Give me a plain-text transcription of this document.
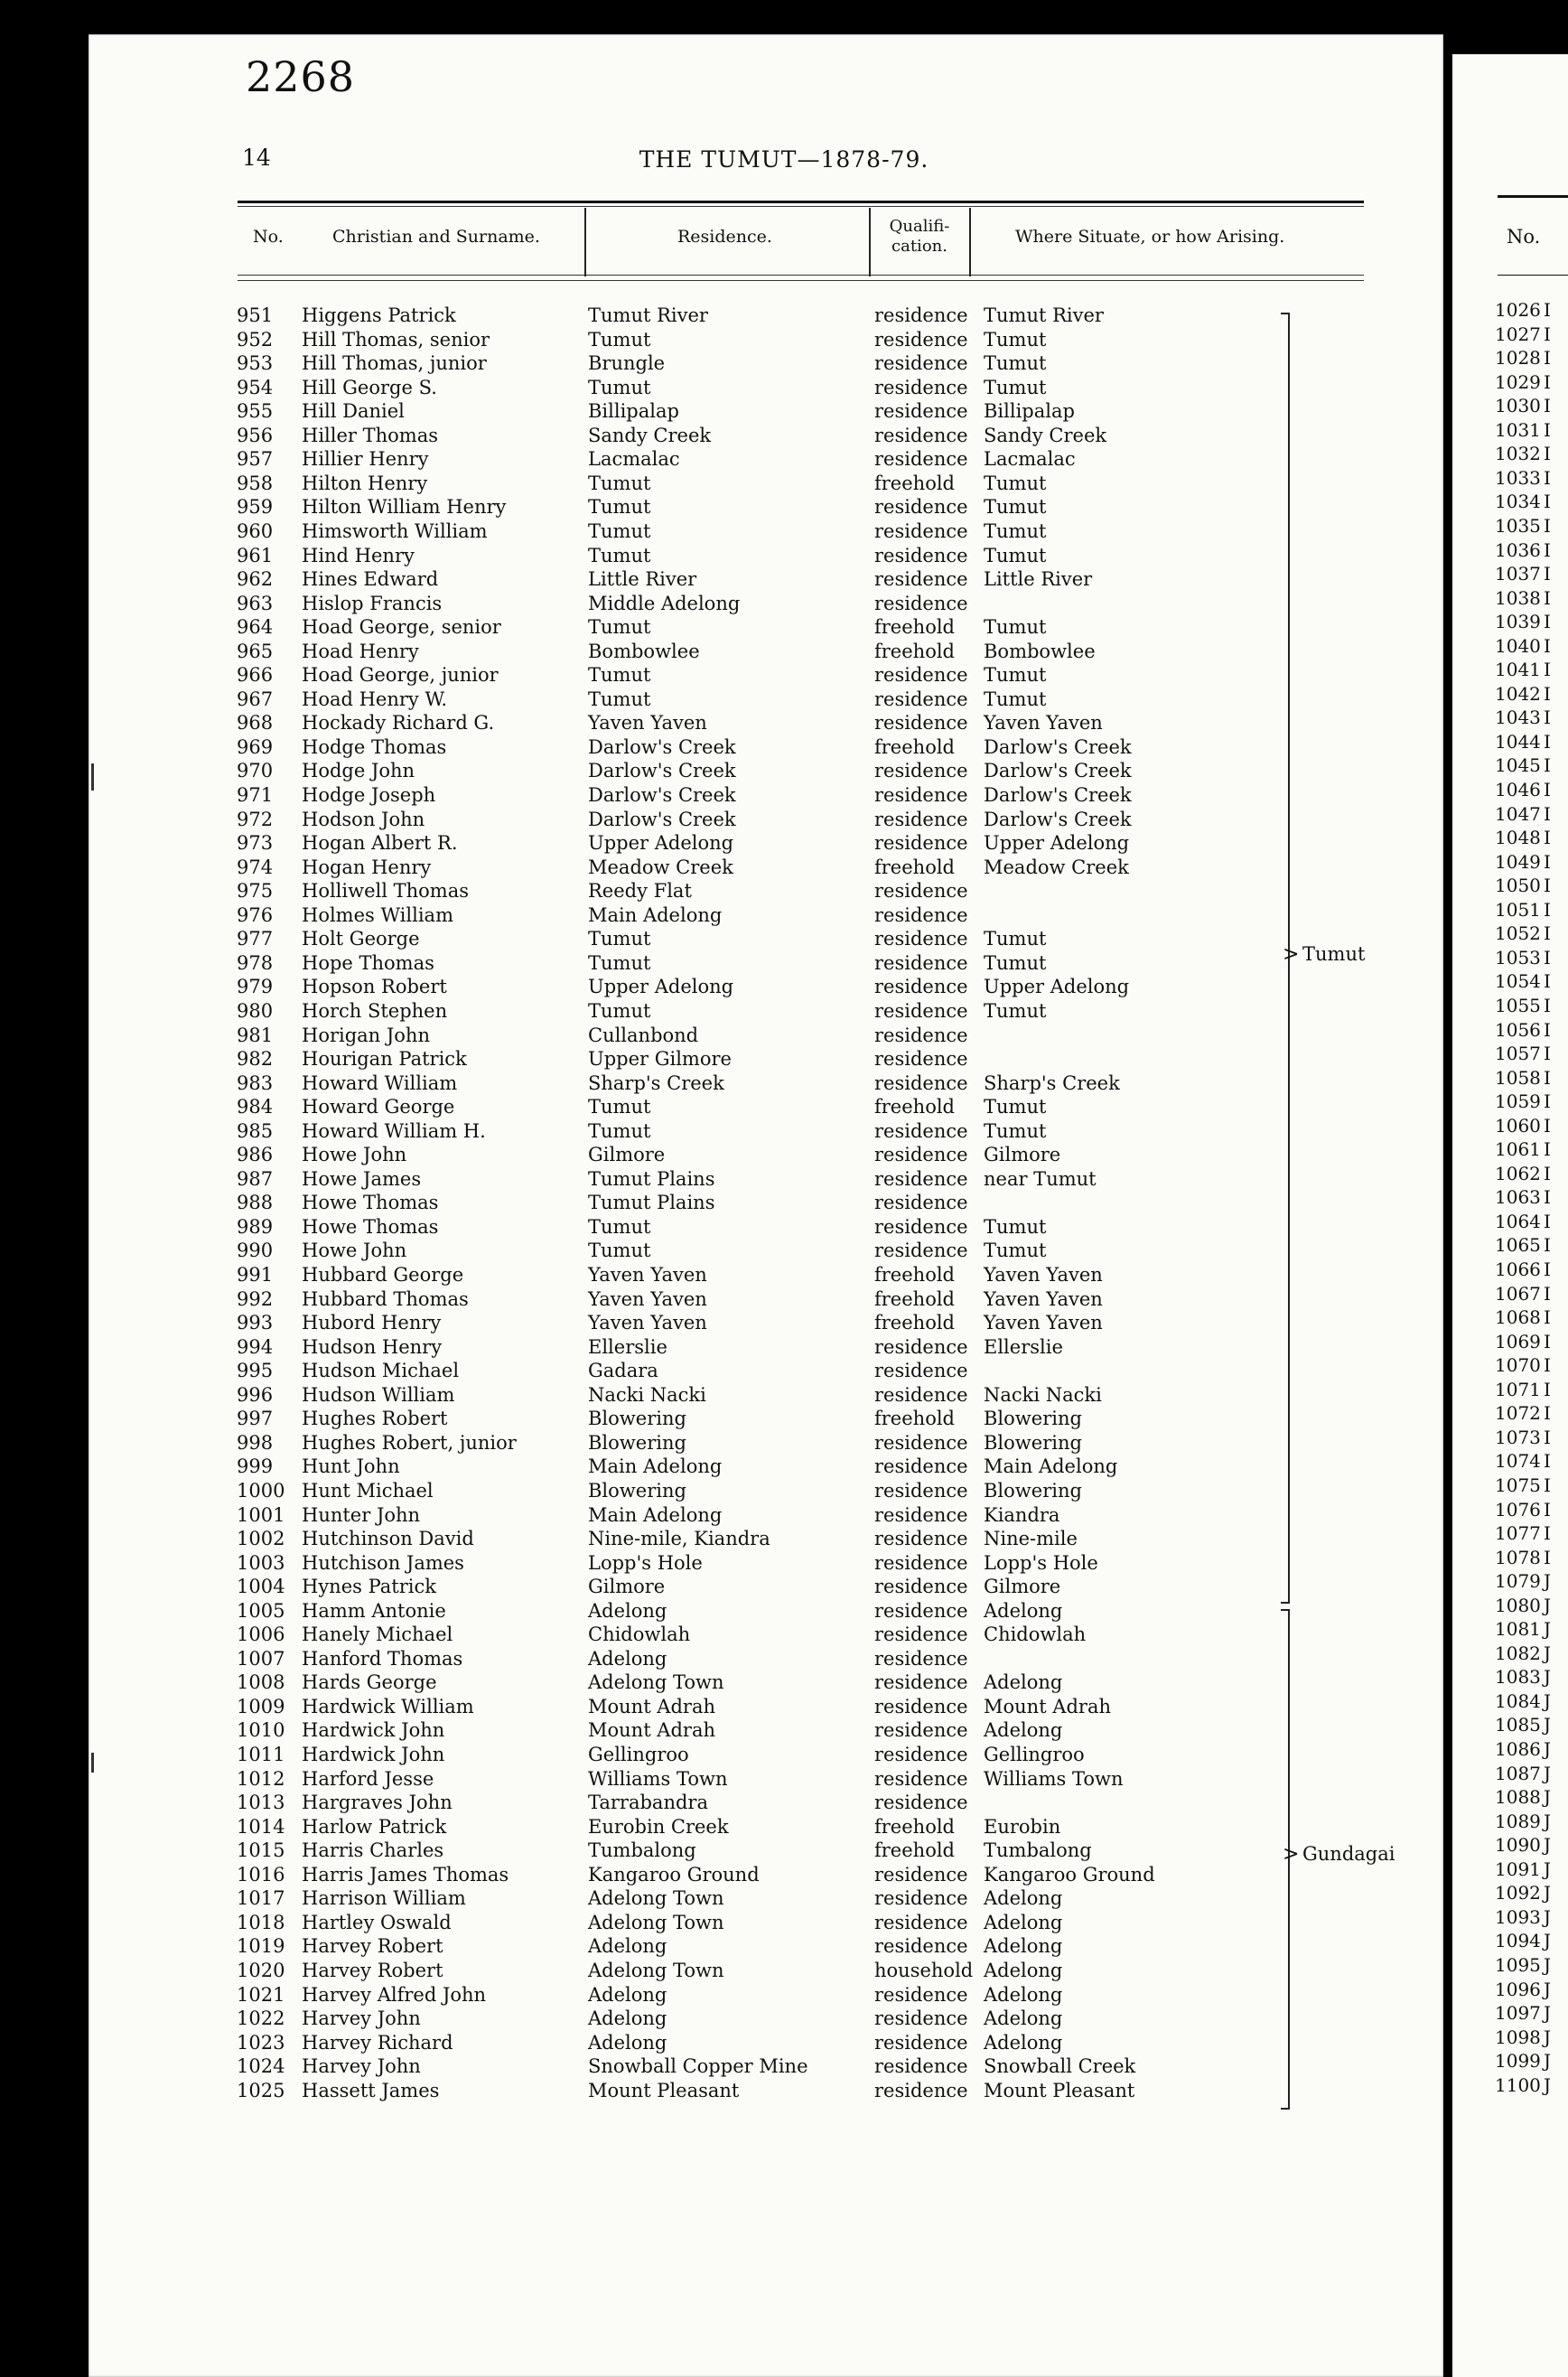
2268
14	THE TUMUT—1878-79.
No.	Christian and Surname.	Residence.
Qualifi-cation.	Where Situate, or how Arising.
951	Higgens Patrick	Tumut River	residence Tumut River
952	Hill Thomas, senior	Tumut	residence Tumut
953	Hill Thomas, junior	Brungle	residence Tumut
954	Hill George S.	Tumut	residence Tumut
955	Hill Daniel	Billipalap	residence Billipalap
956	Hiller Thomas	Sandy Creek	residence Sandy Creek
957	Hillier Henry	Lacmalac	residence Lacmalac
958	Hilton Henry	Tumut	freehold Tumut
959	Hilton William Henry	Tumut	residence Tumut
960	Himsworth William	Tumut	residence Tumut
961	Hind Henry	Tumut	residence Tumut
962	Hines Edward	Little River	residence Little River
963	Hislop Francis	Middle Adelong	residence
964	Hoad George, senior	Tumut	freehold Tumut
965	Hoad Henry	Bombowlee	freehold Bombowlee
966	Hoad George, junior	Tumut	residence Tumut
967	Hoad Henry W.	Tumut	residence Tumut
968	Hockady Richard G.	Yaven Yaven	residence Yaven Yaven
969	Hodge Thomas	Darlow's Creek	freehold Darlow's Creek
970	Hodge John	Darlow's Creek	residence Darlow's Creek
971	Hodge Joseph	Darlow's Creek	residence Darlow's Creek
972	Hodson John	Darlow's Creek	residence Darlow's Creek
973	Hogan Albert R.	Upper Adelong	residence Upper Adelong
974	Hogan Henry	Meadow Creek	freehold Meadow Creek
975	Holliwell Thomas	Reedy Flat	residence
976	Holmes William	Main Adelong	residence
977	Holt George	Tumut	residence Tumut
978	Hope Thomas	Tumut	residence Tumut
979	Hopson Robert	Upper Adelong	residence Upper Adelong
980	Horch Stephen	Tumut	residence Tumut
981	Horigan John	Cullanbond	residence
982	Hourigan Patrick	Upper Gilmore	residence
983	Howard William	Sharp's Creek	residence Sharp's Creek
984	Howard George	Tumut	freehold Tumut
985	Howard William H.	Tumut	residence Tumut
986	Howe John	Gilmore	residence Gilmore
987	Howe James	Tumut Plains	residence near Tumut
988	Howe Thomas	Tumut Plains	residence
989	Howe Thomas	Tumut	residence Tumut
990	Howe John	Tumut	residence Tumut
991	Hubbard George	Yaven Yaven	freehold Yaven Yaven
992	Hubbard Thomas	Yaven Yaven	freehold Yaven Yaven
993	Hubord Henry	Yaven Yaven	freehold Yaven Yaven
994	Hudson Henry	Ellerslie	residence Ellerslie
995	Hudson Michael	Gadara	residence
996	Hudson William	Nacki Nacki	residence Nacki Nacki
997	Hughes Robert	Blowering	freehold Blowering
998	Hughes Robert, junior	Blowering	residence Blowering
999	Hunt John	Main Adelong	residence Main Adelong
1000 Hunt Michael	Blowering	residence Blowering
1001 Hunter John	Main Adelong	residence Kiandra
1002 Hutchinson David	Nine-mile, Kiandra	residence Nine-mile
1003 Hutchison James	Lopp's Hole	residence Lopp's Hole
1004 Hynes Patrick	Gilmore	residence Gilmore
1005 Hamm Antonie	Adelong	residence Adelong
1006 Hanely Michael	Chidowlah	residence Chidowlah
1007 Hanford Thomas	Adelong	residence
1008 Hards George	Adelong Town	residence Adelong
1009 Hardwick William	Mount Adrah	residence Mount Adrah
1010 Hardwick John	Mount Adrah	residence Adelong
1011 Hardwick John	Gellingroo	residence Gellingroo
1012 Harford Jesse	Williams Town	residence Williams Town
1013 Hargraves John	Tarrabandra	residence
1014 Harlow Patrick	Eurobin Creek	freehold Eurobin
1015 Harris Charles	Tumbalong	freehold Tumbalong
1016 Harris James Thomas	Kangaroo Ground	residence Kangaroo Ground
1017 Harrison William	Adelong Town	residence Adelong
1018 Hartley Oswald	Adelong Town	residence Adelong
1019 Harvey Robert	Adelong	residence Adelong
1020 Harvey Robert	Adelong Town	household Adelong
1021 Harvey Alfred John	Adelong	residence Adelong
1022 Harvey John	Adelong	residence Adelong
1023 Harvey Richard	Adelong	residence Adelong
1024 Harvey John	Snowball Copper Mine	residence Snowball Creek
1025 Hassett James	Mount Pleasant	residence Mount Pleasant
> Tumut
> Gundagai
No.
1026 I
1027 I
1028 I
1029 I
1030 I
1031 I
1032 I
1033 I
1034 I
1035 I
1036 I
1037 I
1038 I
1039 I
1040 I
1041 I
1042 I
1043 I
1044 I
1045 I
1046 I
1047 I
1048 I
1049 I
1050 I
1051 I
1052 I
1053 I
1054 I
1055 I
1056 I
1057 I
1058 I
1059 I
1060 I
1061 I
1062 I
1063 I
1064 I
1065 I
1066 I
1067 I
1068 I
1069 I
1070 I
1071 I
1072 I
1073 I
1074 I
1075 I
1076 I
1077 I
1078 I
1079 J
1080 J
1081 J
1082 J
1083 J
1084 J
1085 J
1086 J
1087 J
1088 J
1089 J
1090 J
1091 J
1092 J
1093 J
1094 J
1095 J
1096 J
1097 J
1098 J
1099 J
1100 J
